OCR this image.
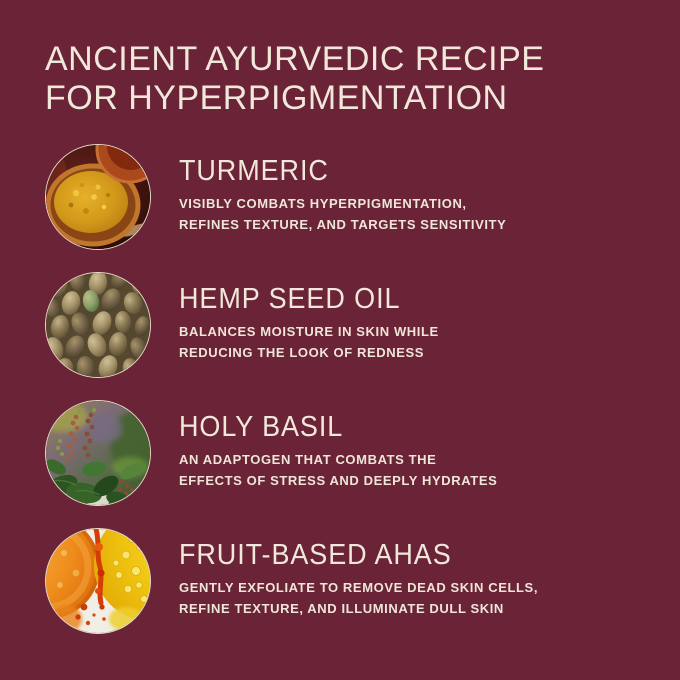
ANCIENT AYURVEDIC RECIPE
FOR HYPERPIGMENTATION
TURMERIC
VISIBLY COMBATS HYPERPIGMENTATION,
REFINES TEXTURE, AND TARGETS SENSITIVITY
HEMP SEED OIL
BALANCES MOISTURE IN SKIN WHILE
REDUCING THE LOOK OF REDNESS
HOLY BASIL
AN ADAPTOGEN THAT COMBATS THE
EFFECTS OF STRESS AND DEEPLY HYDRATES
FRUIT-BASED AHAS
GENTLY EXFOLIATE TO REMOVE DEAD SKIN CELLS,
REFINE TEXTURE, AND ILLUMINATE DULL SKIN
